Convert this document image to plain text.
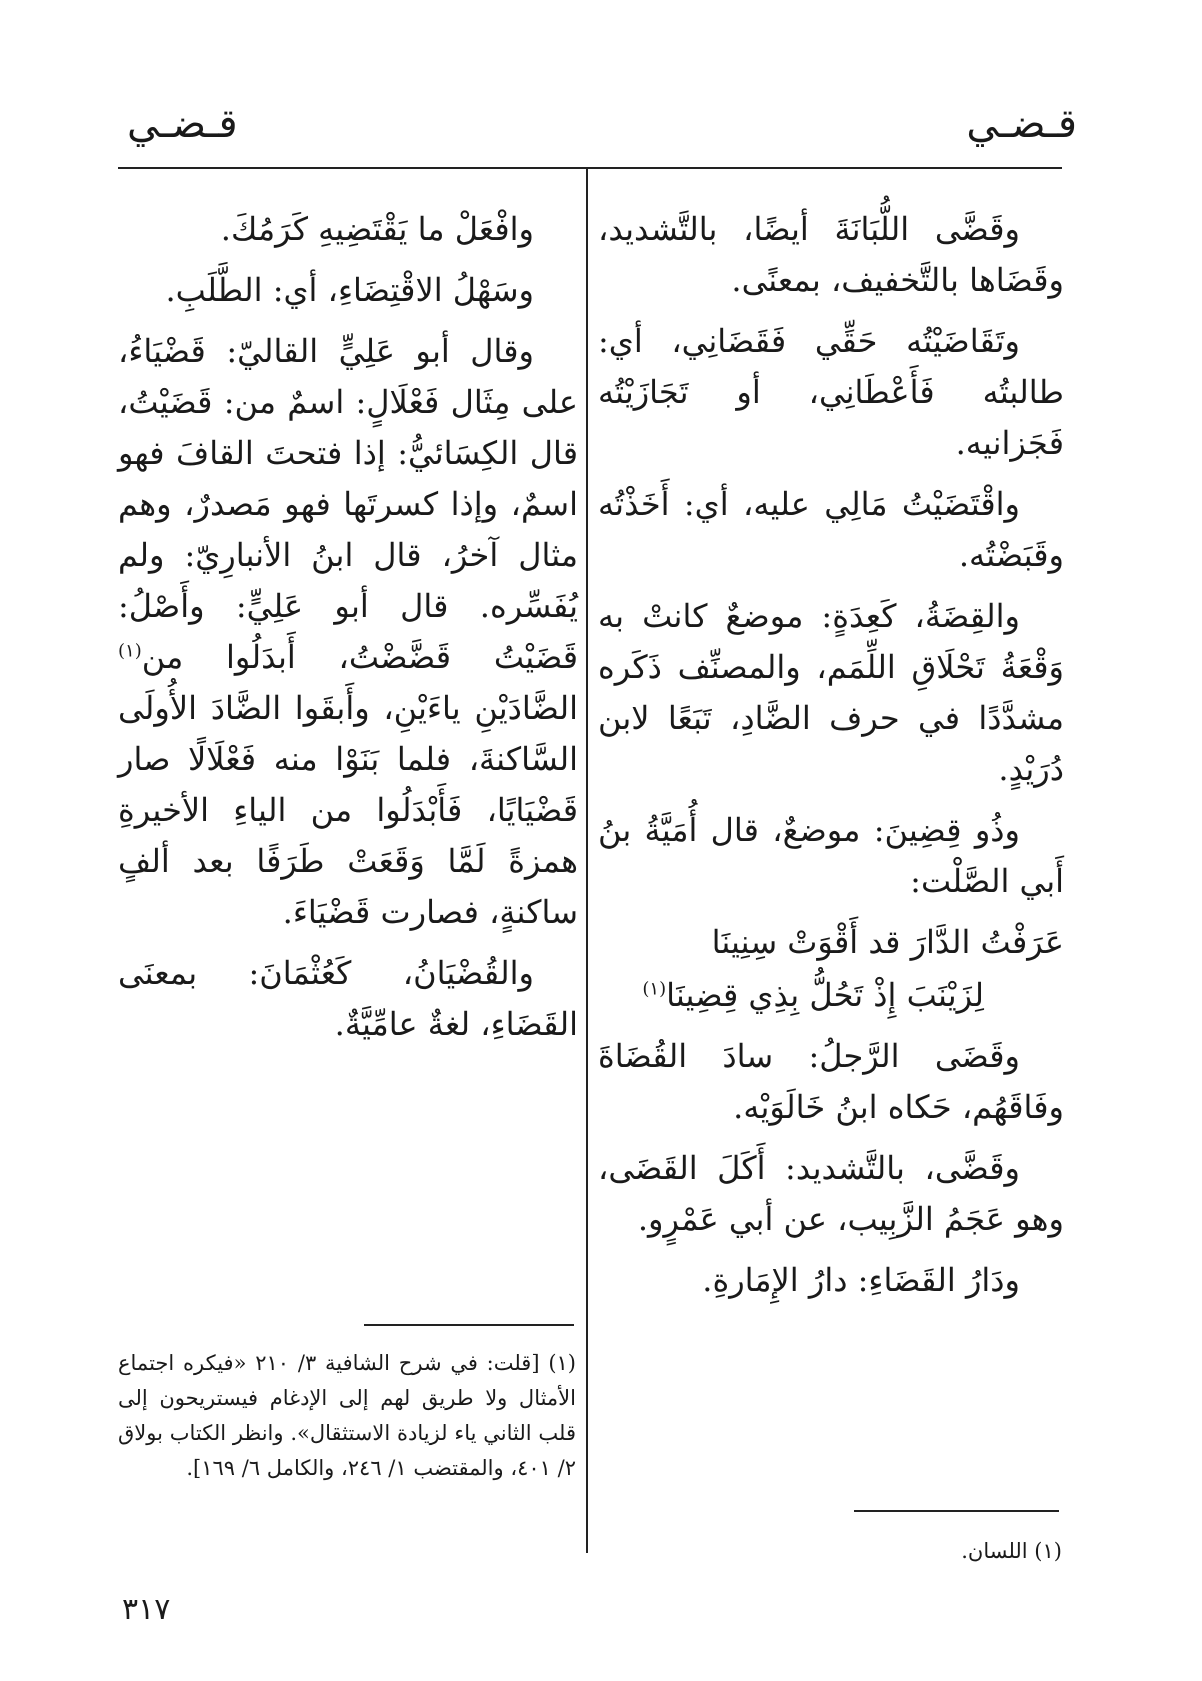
قـضـي
قـضـي

وقَضَّى اللُّبَانَةَ أيضًا، بالتَّشديد، وقَضَاها بالتَّخفيف، بمعنًى.

وتَقَاضَيْتُه حَقِّي فَقَضَانِي، أي: طالبتُه فَأَعْطَانِي، أو تَجَازَيْتُه فَجَزانيه.

واقْتَضَيْتُ مَالِي عليه، أي: أَخَذْتُه وقَبَضْتُه.

والقِضَةُ، كَعِدَةٍ: موضعٌ كانتْ به وَقْعَةُ تَحْلَاقِ اللِّمَم، والمصنِّف ذَكَره مشدَّدًا في حرف الضَّادِ، تَبَعًا لابن دُرَيْدٍ.

وذُو قِضِينَ: موضعٌ، قال أُمَيَّةُ بنُ أَبي الصَّلْت:

عَرَفْتُ الدَّارَ قد أَقْوَتْ سِنِينَا

لِزَيْنَبَ إِذْ تَحُلُّ بِذِي قِضِينَا$^{(١)}$

وقَضَى الرَّجلُ: سادَ القُضَاةَ وفَاقَهُم، حَكاه ابنُ خَالَوَيْه.

وقَضَّى، بالتَّشديد: أَكَلَ القَضَى، وهو عَجَمُ الزَّبِيب، عن أبي عَمْرٍو.

ودَارُ القَضَاءِ: دارُ الإِمَارةِ.

وافْعَلْ ما يَقْتَضِيهِ كَرَمُكَ.

وسَهْلُ الاقْتِضَاءِ، أي: الطَّلَبِ.

وقال أبو عَلِيٍّ القاليّ: قَضْيَاءُ، على مِثَال فَعْلَالٍ: اسمٌ من: قَضَيْتُ، قال الكِسَائيُّ: إذا فتحتَ القافَ فهو اسمٌ، وإذا كسرتَها فهو مَصدرٌ، وهم مثال آخرُ، قال ابنُ الأنبارِيّ: ولم يُفَسِّره. قال أبو عَلِيٍّ: وأَصْلُ: قَضَيْتُ قَضَّضْتُ، أَبدَلُوا من$^{(١)}$ الضَّادَيْنِ ياءَيْنِ، وأَبقَوا الضَّادَ الأُولَى السَّاكنةَ، فلما بَنَوْا منه فَعْلَالًا صار قَضْيَايًا، فَأَبْدَلُوا من الياءِ الأخيرةِ همزةً لَمَّا وَقَعَتْ طَرَفًا بعد ألفٍ ساكنةٍ، فصارت قَضْيَاءَ.

والقُضْيَانُ، كَعُثْمَانَ: بمعنَى القَضَاءِ، لغةٌ عامِّيَّةٌ.

(١) اللسان.

(١) [قلت: في شرح الشافية ٣/ ٢١٠ «فيكره اجتماع الأمثال ولا طريق لهم إلى الإدغام فيستريحون إلى قلب الثاني ياء لزيادة الاستثقال». وانظر الكتاب بولاق ٢/ ٤٠١، والمقتضب ١/ ٢٤٦، والكامل ٦/ ١٦٩].

٣١٧
